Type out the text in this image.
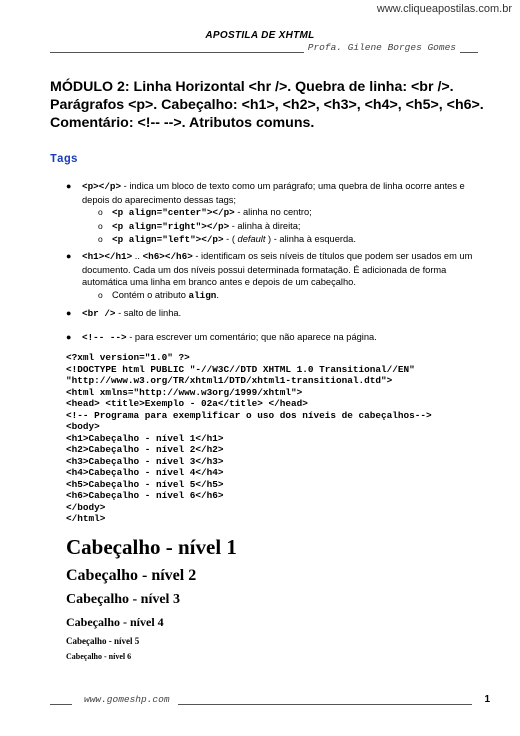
www.cliqueapostilas.com.br
APOSTILA DE XHTML
Profa. Gilene Borges Gomes
MÓDULO 2: Linha Horizontal <hr />. Quebra de linha: <br />. Parágrafos <p>. Cabeçalho: <h1>, <h2>, <h3>, <h4>, <h5>, <h6>. Comentário: <!-- -->. Atributos comuns.
Tags
● <p></p> - indica um bloco de texto como um parágrafo; uma quebra de linha ocorre antes e depois do aparecimento dessas tags;
o <p align="center"></p> - alinha no centro;
o <p align="right"></p> - alinha à direita;
o <p align="left"></p> - ( default ) - alinha à esquerda.
● <h1></h1> .. <h6></h6> - identificam os seis níveis de títulos que podem ser usados em um documento. Cada um dos níveis possui determinada formatação. É adicionada de forma automática uma linha em branco antes e depois de um cabeçalho.
o Contém o atributo align.
● <br /> - salto de linha.
● <!-- --> - para escrever um comentário; que não aparece na página.
<?xml version="1.0" ?>
<!DOCTYPE html PUBLIC "-//W3C//DTD XHTML 1.0 Transitional//EN"
"http://www.w3.org/TR/xhtml1/DTD/xhtml1-transitional.dtd">
<html xmlns="http://www.w3org/1999/xhtml">
<head> <title>Exemplo - 02a</title> </head>
<!-- Programa para exemplificar o uso dos níveis de cabeçalhos-->
<body>
<h1>Cabeçalho - nível 1</h1>
<h2>Cabeçalho - nível 2</h2>
<h3>Cabeçalho - nível 3</h3>
<h4>Cabeçalho - nível 4</h4>
<h5>Cabeçalho - nível 5</h5>
<h6>Cabeçalho - nível 6</h6>
</body>
</html>
Cabeçalho - nível 1
Cabeçalho - nível 2
Cabeçalho - nível 3
Cabeçalho - nível 4
Cabeçalho - nível 5
Cabeçalho - nível 6
www.gomeshp.com	1
